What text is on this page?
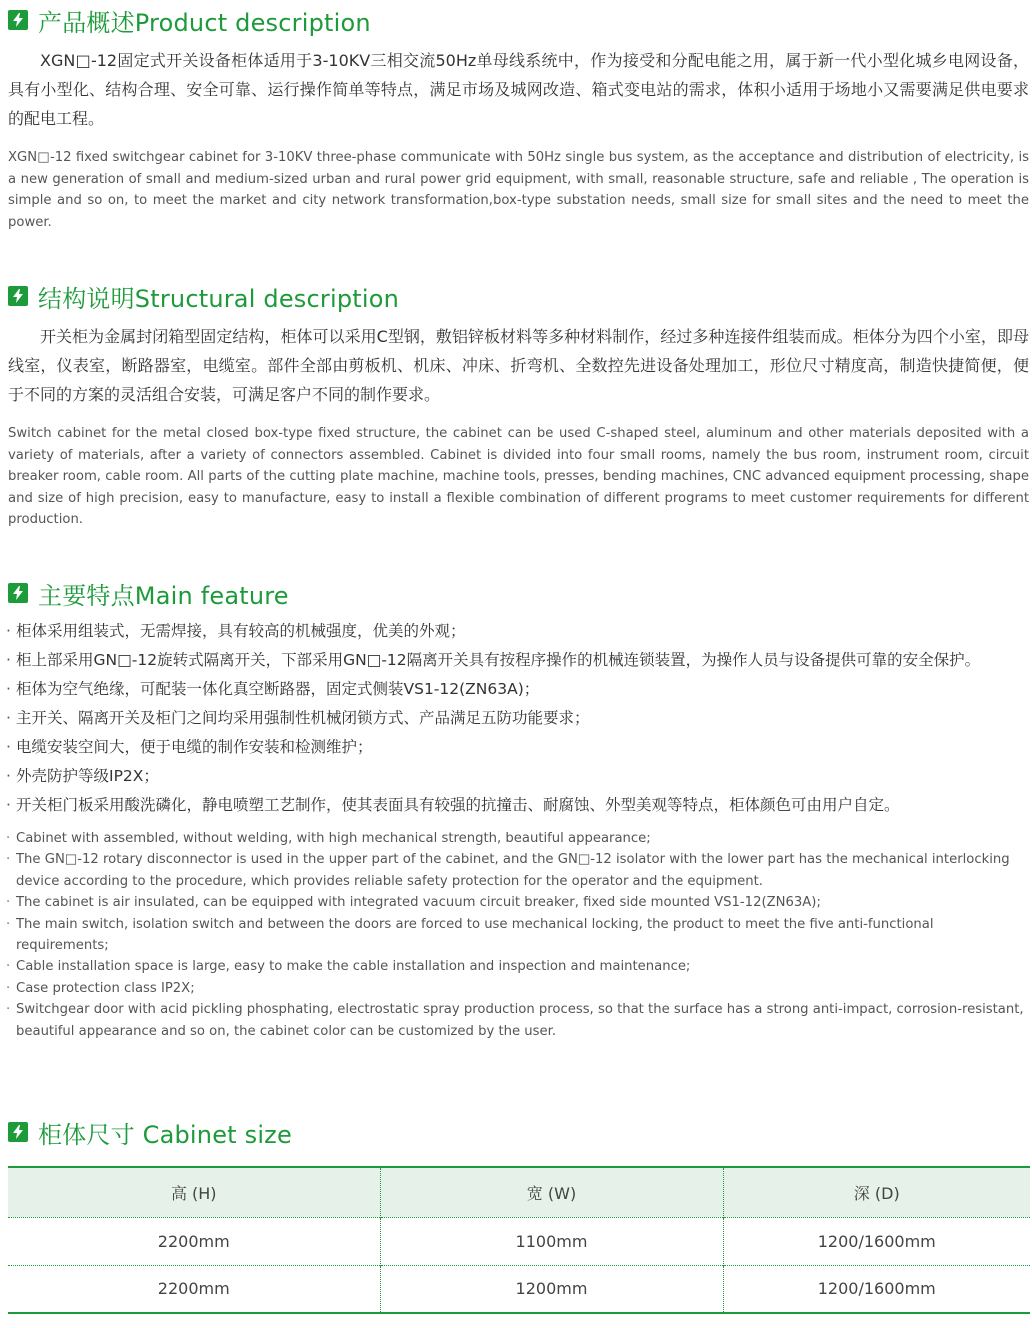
产品概述Product description

XGN□-12固定式开关设备柜体适用于3-10KV三相交流50Hz单母线系统中，作为接受和分配电能之用，属于新一代小型化城乡电网设备，具有小型化、结构合理、安全可靠、运行操作简单等特点，满足市场及城网改造、箱式变电站的需求，体积小适用于场地小又需要满足供电要求的配电工程。

XGN□-12 fixed switchgear cabinet for 3-10KV three-phase communicate with 50Hz single bus system, as the acceptance and distribution of electricity, is a new generation of small and medium-sized urban and rural power grid equipment, with small, reasonable structure, safe and reliable , The operation is simple and so on, to meet the market and city network transformation,box-type substation needs, small size for small sites and the need to meet the power.

结构说明Structural description

开关柜为金属封闭箱型固定结构，柜体可以采用C型钢，敷铝锌板材料等多种材料制作，经过多种连接件组装而成。柜体分为四个小室，即母线室，仪表室，断路器室，电缆室。部件全部由剪板机、机床、冲床、折弯机、全数控先进设备处理加工，形位尺寸精度高，制造快捷简便，便于不同的方案的灵活组合安装，可满足客户不同的制作要求。

Switch cabinet for the metal closed box-type fixed structure, the cabinet can be used C-shaped steel, aluminum and other materials deposited with a variety of materials, after a variety of connectors assembled. Cabinet is divided into four small rooms, namely the bus room, instrument room, circuit breaker room, cable room. All parts of the cutting plate machine, machine tools, presses, bending machines, CNC advanced equipment processing, shape and size of high precision, easy to manufacture, easy to install a flexible combination of different programs to meet customer requirements for different production.

主要特点Main feature
· 柜体采用组装式，无需焊接，具有较高的机械强度，优美的外观；
· 柜上部采用GN□-12旋转式隔离开关，下部采用GN□-12隔离开关具有按程序操作的机械连锁装置，为操作人员与设备提供可靠的安全保护。
· 柜体为空气绝缘，可配装一体化真空断路器，固定式侧装VS1-12(ZN63A)；
· 主开关、隔离开关及柜门之间均采用强制性机械闭锁方式、产品满足五防功能要求；
· 电缆安装空间大，便于电缆的制作安装和检测维护；
· 外壳防护等级IP2X；
· 开关柜门板采用酸洗磷化，静电喷塑工艺制作，使其表面具有较强的抗撞击、耐腐蚀、外型美观等特点，柜体颜色可由用户自定。
· Cabinet with assembled, without welding, with high mechanical strength, beautiful appearance;
· The GN□-12 rotary disconnector is used in the upper part of the cabinet, and the GN□-12 isolator with the lower part has the mechanical interlocking device according to the procedure, which provides reliable safety protection for the operator and the equipment.
· The cabinet is air insulated, can be equipped with integrated vacuum circuit breaker, fixed side mounted VS1-12(ZN63A);
· The main switch, isolation switch and between the doors are forced to use mechanical locking, the product to meet the five anti-functional requirements;
· Cable installation space is large, easy to make the cable installation and inspection and maintenance;
· Case protection class IP2X;
· Switchgear door with acid pickling phosphating, electrostatic spray production process, so that the surface has a strong anti-impact, corrosion-resistant, beautiful appearance and so on, the cabinet color can be customized by the user.
柜体尺寸 Cabinet size
高 (H)	宽 (W)	深 (D)
2200mm	1100mm	1200/1600mm
2200mm	1200mm	1200/1600mm
